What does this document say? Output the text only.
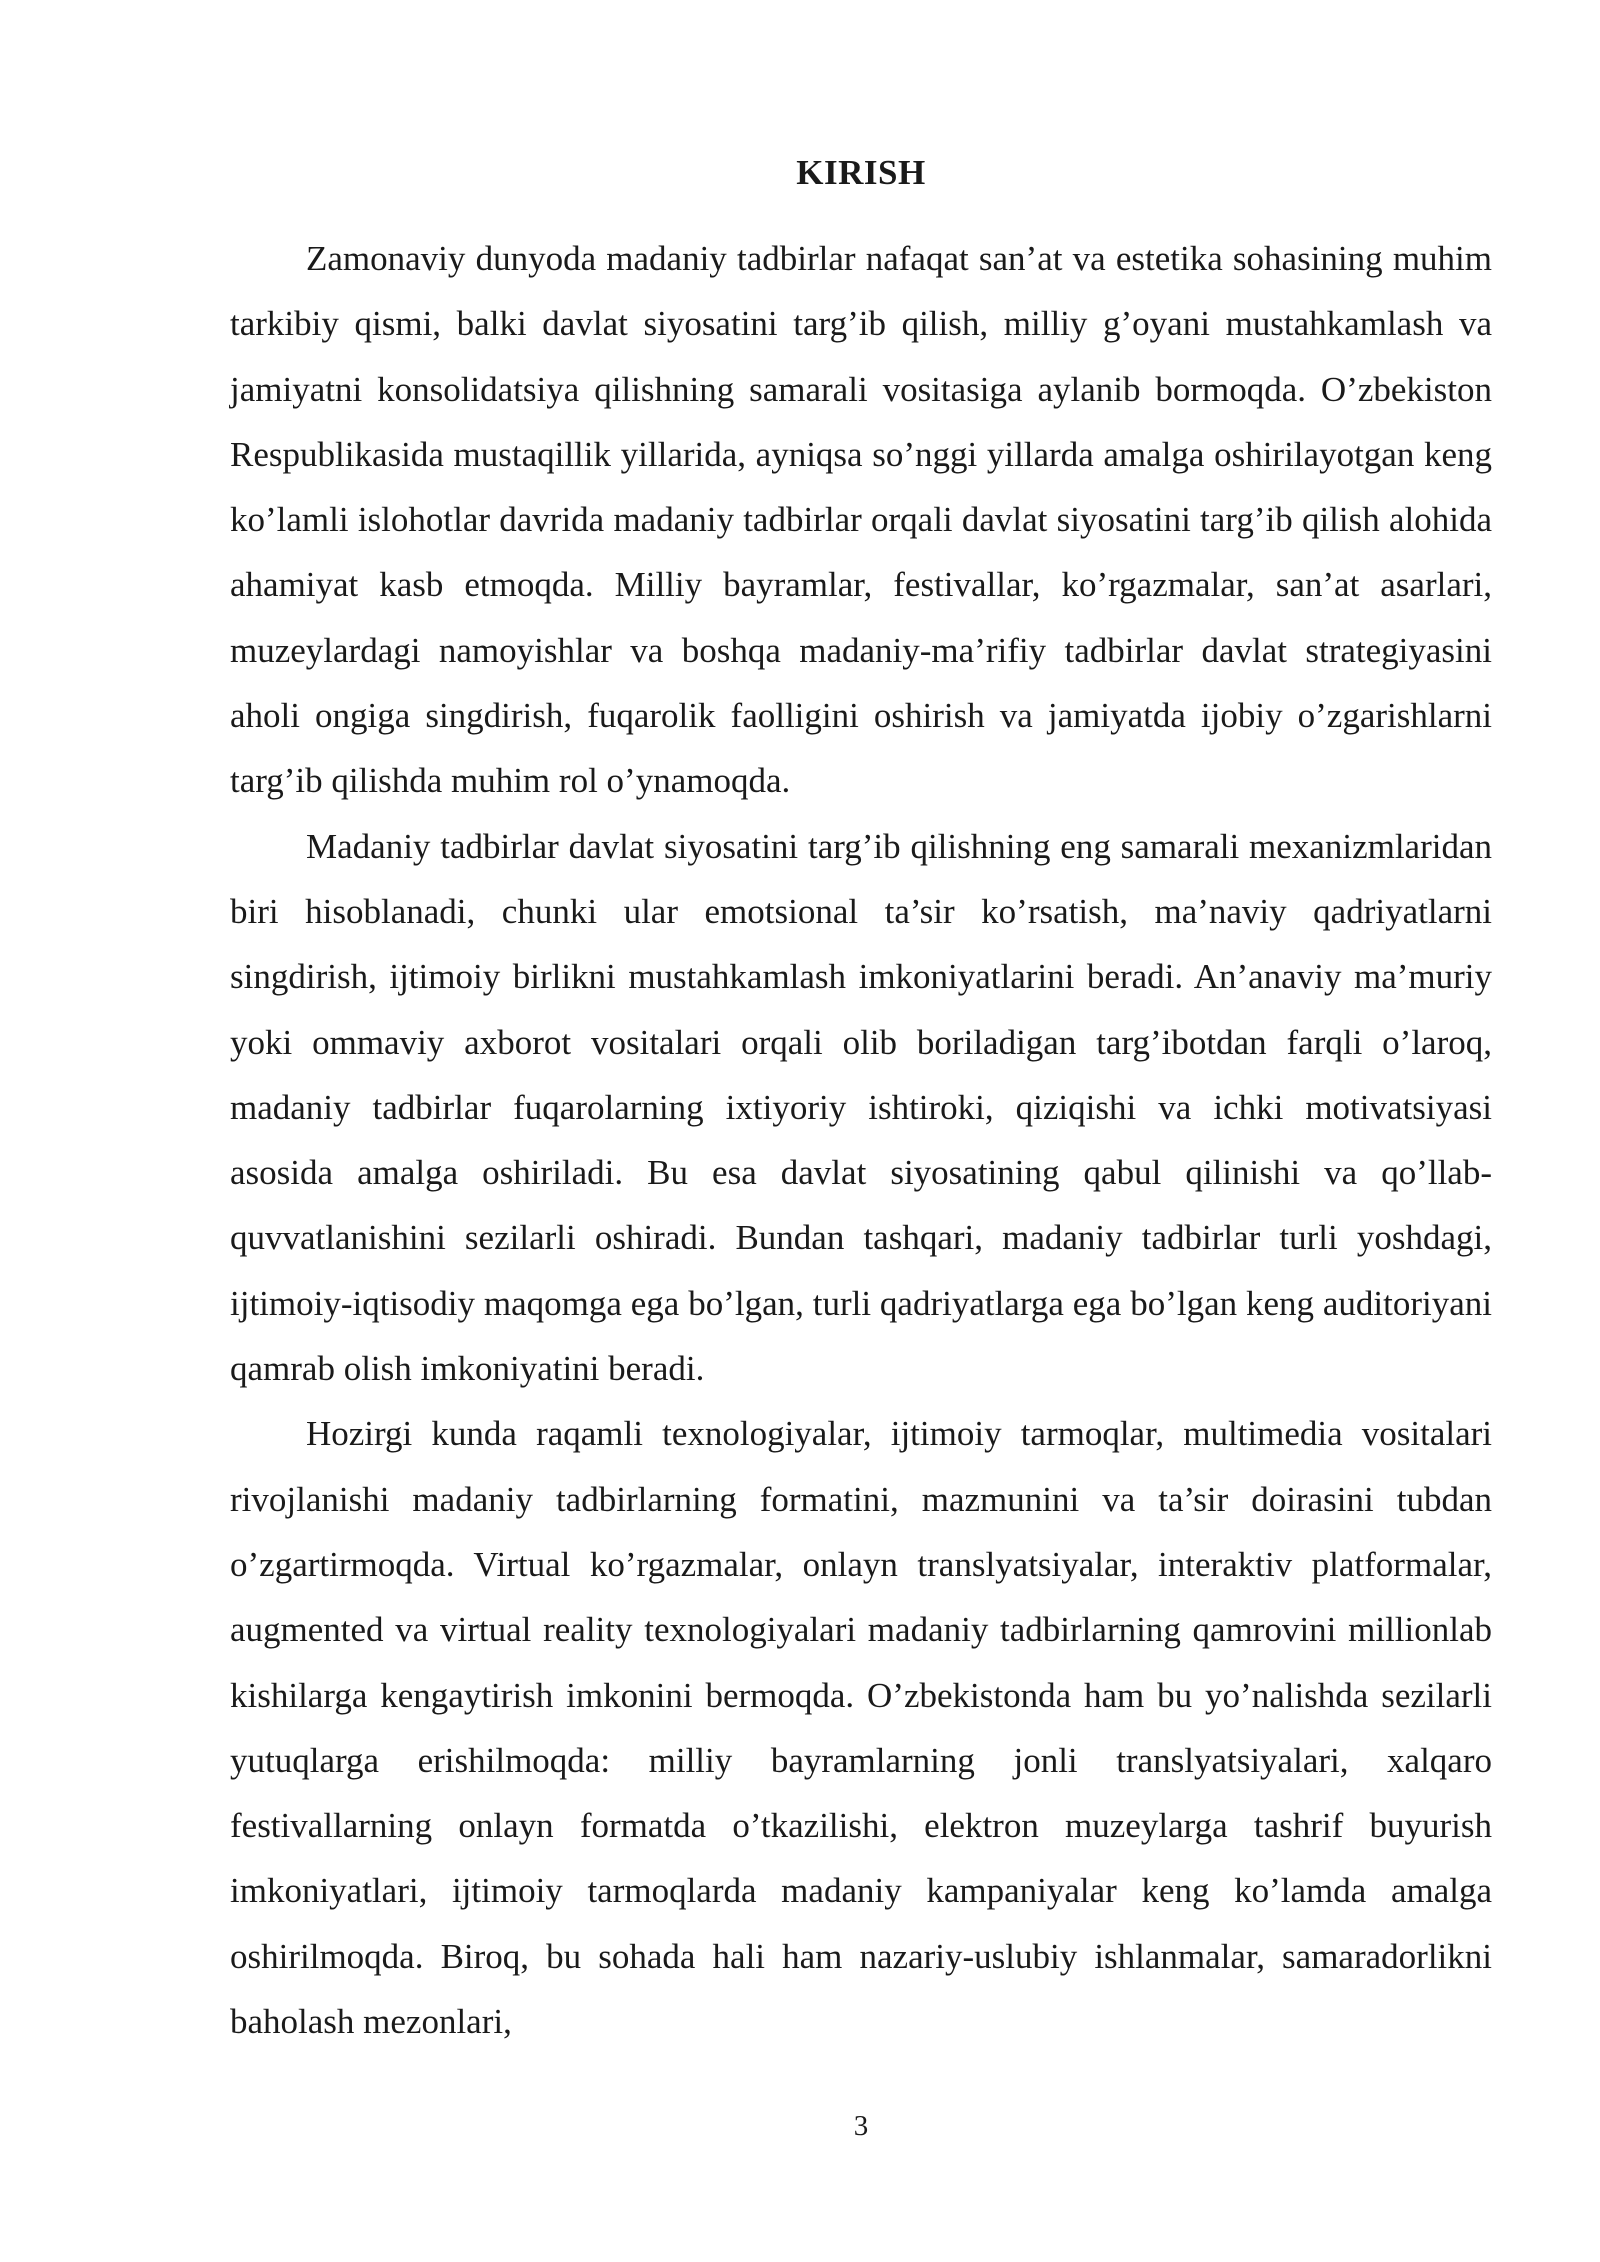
KIRISH

Zamonaviy dunyoda madaniy tadbirlar nafaqat san’at va estetika sohasining muhim tarkibiy qismi, balki davlat siyosatini targ’ib qilish, milliy g’oyani mustahkamlash va jamiyatni konsolidatsiya qilishning samarali vositasiga aylanib bormoqda. O’zbekiston Respublikasida mustaqillik yillarida, ayniqsa so’nggi yillarda amalga oshirilayotgan keng ko’lamli islohotlar davrida madaniy tadbirlar orqali davlat siyosatini targ’ib qilish alohida ahamiyat kasb etmoqda. Milliy bayramlar, festivallar, ko’rgazmalar, san’at asarlari, muzeylardagi namoyishlar va boshqa madaniy-ma’rifiy tadbirlar davlat strategiyasini aholi ongiga singdirish, fuqarolik faolligini oshirish va jamiyatda ijobiy o’zgarishlarni targ’ib qilishda muhim rol o’ynamoqda.

Madaniy tadbirlar davlat siyosatini targ’ib qilishning eng samarali mexanizmlaridan biri hisoblanadi, chunki ular emotsional ta’sir ko’rsatish, ma’naviy qadriyatlarni singdirish, ijtimoiy birlikni mustahkamlash imkoniyatlarini beradi. An’anaviy ma’muriy yoki ommaviy axborot vositalari orqali olib boriladigan targ’ibotdan farqli o’laroq, madaniy tadbirlar fuqarolarning ixtiyoriy ishtiroki, qiziqishi va ichki motivatsiyasi asosida amalga oshiriladi. Bu esa davlat siyosatining qabul qilinishi va qo’llab-quvvatlanishini sezilarli oshiradi. Bundan tashqari, madaniy tadbirlar turli yoshdagi, ijtimoiy-iqtisodiy maqomga ega bo’lgan, turli qadriyatlarga ega bo’lgan keng auditoriyani qamrab olish imkoniyatini beradi.

Hozirgi kunda raqamli texnologiyalar, ijtimoiy tarmoqlar, multimedia vositalari rivojlanishi madaniy tadbirlarning formatini, mazmunini va ta’sir doirasini tubdan o’zgartirmoqda. Virtual ko’rgazmalar, onlayn translyatsiyalar, interaktiv platformalar, augmented va virtual reality texnologiyalari madaniy tadbirlarning qamrovini millionlab kishilarga kengaytirish imkonini bermoqda. O’zbekistonda ham bu yo’nalishda sezilarli yutuqlarga erishilmoqda: milliy bayramlarning jonli translyatsiyalari, xalqaro festivallarning onlayn formatda o’tkazilishi, elektron muzeylarga tashrif buyurish imkoniyatlari, ijtimoiy tarmoqlarda madaniy kampaniyalar keng ko’lamda amalga oshirilmoqda. Biroq, bu sohada hali ham nazariy-uslubiy ishlanmalar, samaradorlikni baholash mezonlari,

3
